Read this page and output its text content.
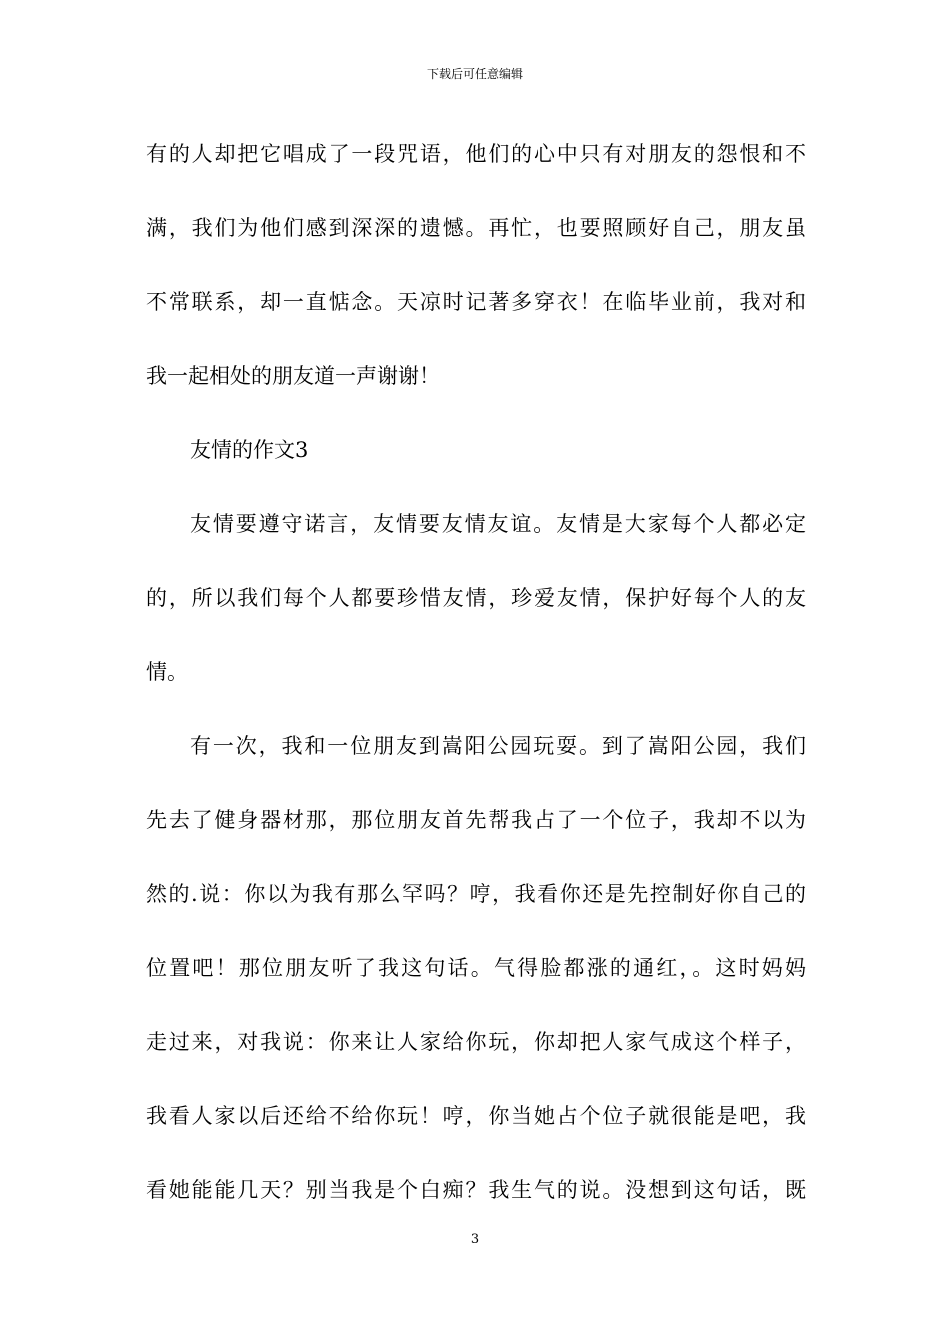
下载后可任意编辑
有的人却把它唱成了一段咒语，他们的心中只有对朋友的怨恨和不
满，我们为他们感到深深的遗憾。再忙，也要照顾好自己，朋友虽
不常联系，却一直惦念。天凉时记著多穿衣！在临毕业前，我对和
我一起相处的朋友道一声谢谢！
友情的作文3
友情要遵守诺言，友情要友情友谊。友情是大家每个人都必定
的，所以我们每个人都要珍惜友情，珍爱友情，保护好每个人的友
情。
有一次，我和一位朋友到嵩阳公园玩耍。到了嵩阳公园，我们
先去了健身器材那，那位朋友首先帮我占了一个位子，我却不以为
然的.说：你以为我有那么罕吗？哼，我看你还是先控制好你自己的
位置吧！那位朋友听了我这句话。气得脸都涨的通红，。这时妈妈
走过来，对我说：你来让人家给你玩，你却把人家气成这个样子，
我看人家以后还给不给你玩！哼，你当她占个位子就很能是吧，我
看她能能几天？别当我是个白痴？我生气的说。没想到这句话，既
3
